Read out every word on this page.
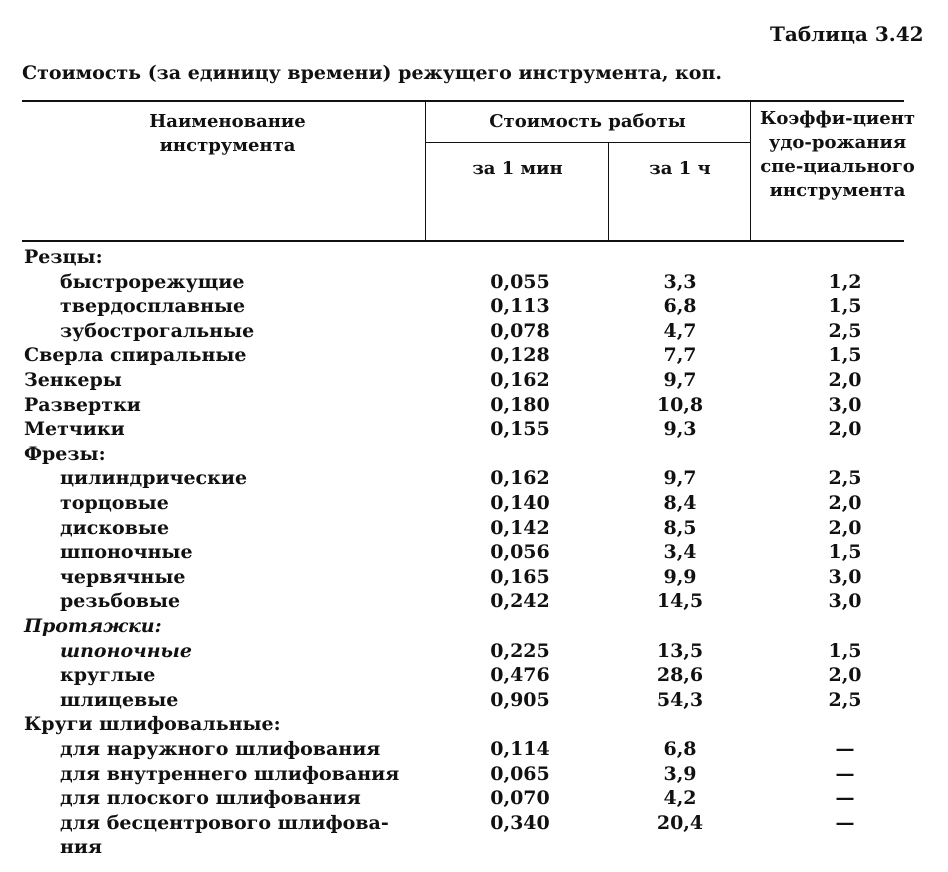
Таблица 3.42
Стоимость (за единицу времени) режущего инструмента, коп.
Наименование инструмента
Стоимость работы
за 1 мин	за 1 ч
Коэффи-циент удо-рожания спе-циального инструмента
Резцы:
быстрорежущие	0,055	3,3	1,2
твердосплавные	0,113	6,8	1,5
зубострогальные	0,078	4,7	2,5
Сверла спиральные	0,128	7,7	1,5
Зенкеры	0,162	9,7	2,0
Развертки	0,180	10,8	3,0
Метчики	0,155	9,3	2,0
Фрезы:
цилиндрические	0,162	9,7	2,5
торцовые	0,140	8,4	2,0
дисковые	0,142	8,5	2,0
шпоночные	0,056	3,4	1,5
червячные	0,165	9,9	3,0
резьбовые	0,242	14,5	3,0
Протяжки:
шпоночные	0,225	13,5	1,5
круглые	0,476	28,6	2,0
шлицевые	0,905	54,3	2,5
Круги шлифовальные:
для наружного шлифования	0,114	6,8	—
для внутреннего шлифования	0,065	3,9	—
для плоского шлифования	0,070	4,2	—
для бесцентрового шлифова-	0,340	20,4	—
ния
